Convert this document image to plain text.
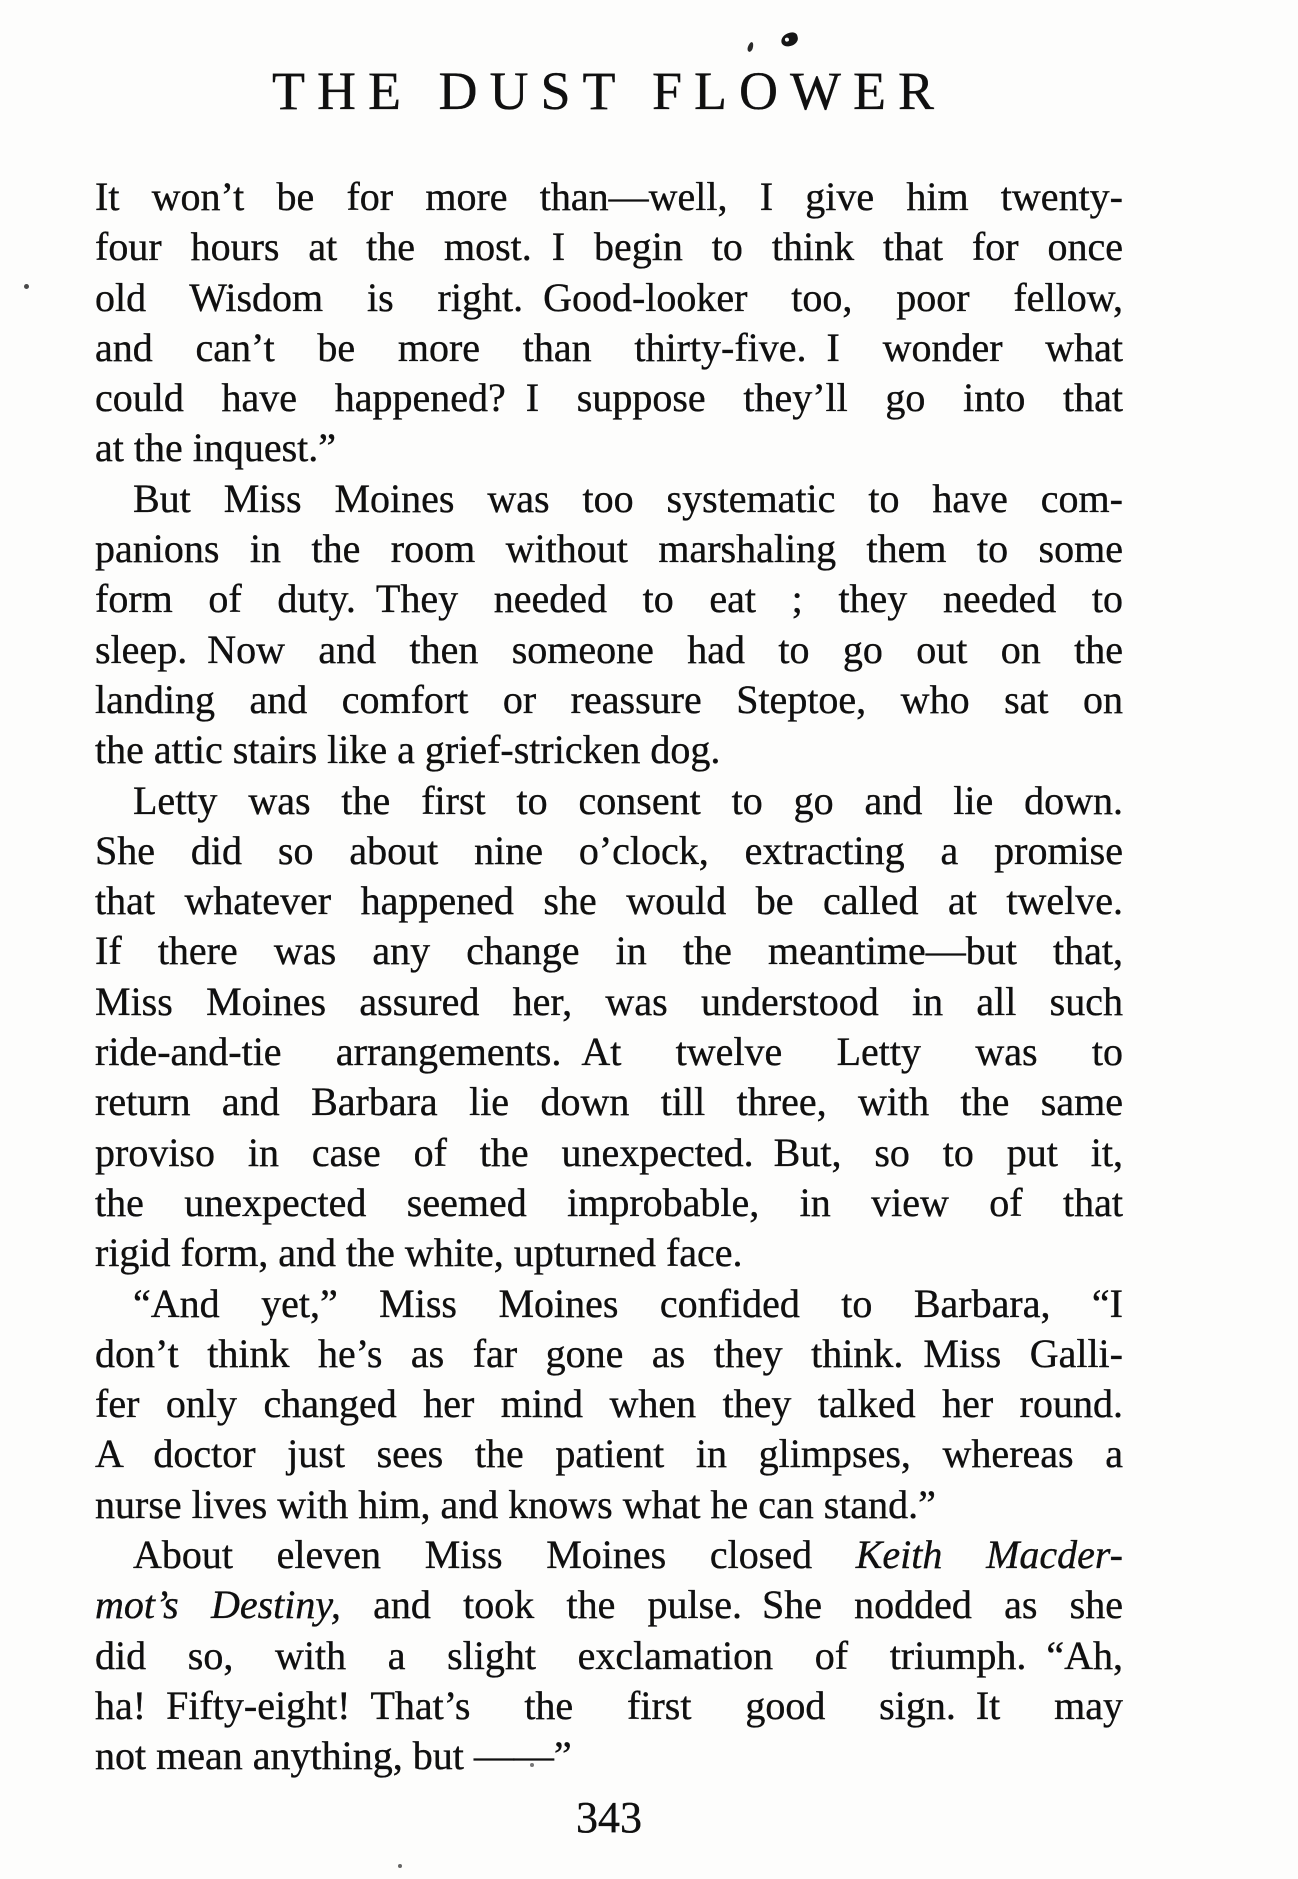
THE DUST FLOWER
It won’t be for more than—well, I give him twenty-
four hours at the most. I begin to think that for once
old Wisdom is right. Good-looker too, poor fellow,
and can’t be more than thirty-five. I wonder what
could have happened? I suppose they’ll go into that
at the inquest.”
But Miss Moines was too systematic to have com-
panions in the room without marshaling them to some
form of duty. They needed to eat ; they needed to
sleep. Now and then someone had to go out on the
landing and comfort or reassure Steptoe, who sat on
the attic stairs like a grief-stricken dog.
Letty was the first to consent to go and lie down.
She did so about nine o’clock, extracting a promise
that whatever happened she would be called at twelve.
If there was any change in the meantime—but that,
Miss Moines assured her, was understood in all such
ride-and-tie arrangements. At twelve Letty was to
return and Barbara lie down till three, with the same
proviso in case of the unexpected. But, so to put it,
the unexpected seemed improbable, in view of that
rigid form, and the white, upturned face.
“And yet,” Miss Moines confided to Barbara, “I
don’t think he’s as far gone as they think. Miss Galli-
fer only changed her mind when they talked her round.
A doctor just sees the patient in glimpses, whereas a
nurse lives with him, and knows what he can stand.”
About eleven Miss Moines closed Keith Macder-
mot’s Destiny, and took the pulse. She nodded as she
did so, with a slight exclamation of triumph. “Ah,
ha! Fifty-eight! That’s the first good sign. It may
not mean anything, but ——”
343
